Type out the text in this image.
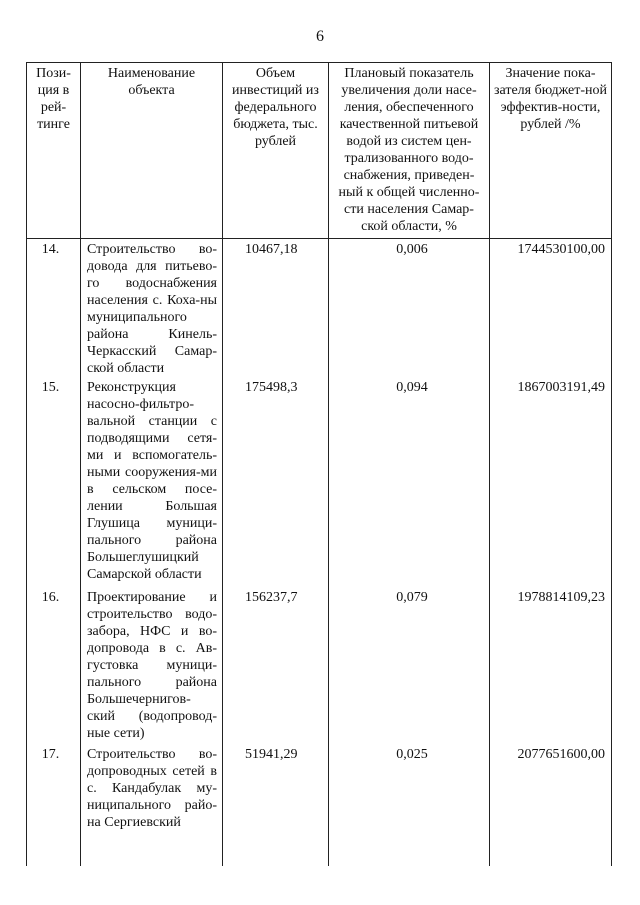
6
Пози-ция в рей-тинге	Наименование объекта	Объем инвестиций из федерального бюджета, тыс. рублей	Плановый показатель увеличения доли насе-ления, обеспеченного качественной питьевой водой из систем цен-трализованного водо-снабжения, приведен-ный к общей численно-сти населения Самар-ской области, %	Значение пока-зателя бюджет-ной эффектив-ности, рублей /%
14.	Строительство во-довода для питьево-го водоснабжения населения с. Коха-ны муниципального района Кинель-Черкасский Самар-ской области	10467,18	0,006	1744530100,00
15.	Реконструкция насосно-фильтро-вальной станции с подводящими сетя-ми и вспомогатель-ными сооружения-ми в сельском посе-лении Большая Глушица муници-пального района Большеглушицкий Самарской области	175498,3	0,094	1867003191,49
16.	Проектирование и строительство водо-забора, НФС и во-допровода в с. Ав-густовка муници-пального района Большечернигов-ский (водопровод-ные сети)	156237,7	0,079	1978814109,23
17.	Строительство во-допроводных сетей в с. Кандабулак му-ниципального райо-на Сергиевский	51941,29	0,025	2077651600,00
